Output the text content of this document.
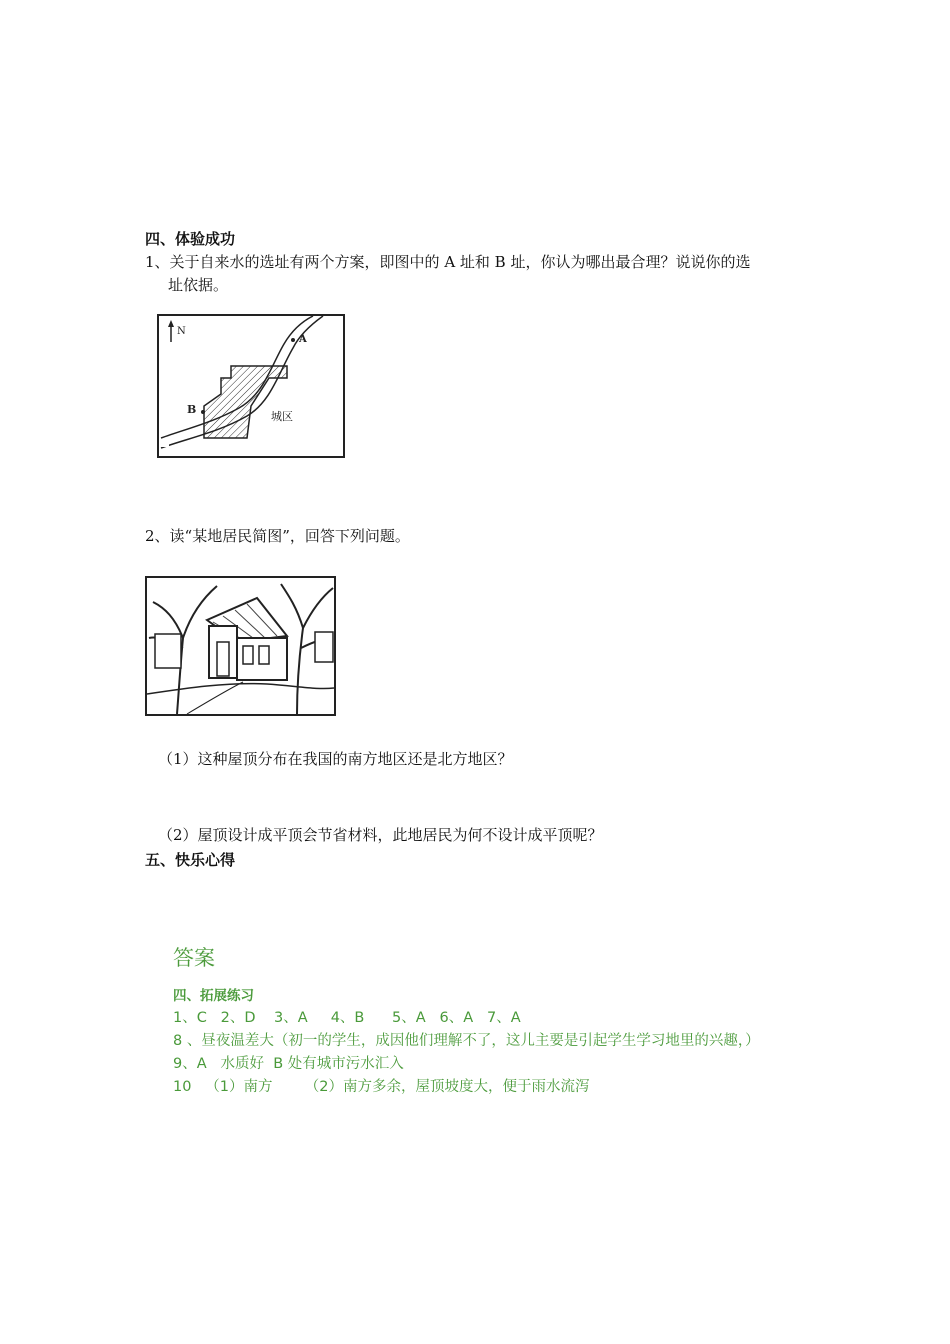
四、体验成功
1、关于自来水的选址有两个方案，即图中的 A 址和 B 址，你认为哪出最合理？说说你的选
址依据。
N
A
B
城区
2、读“某地居民简图”，回答下列问题。
（1）这种屋顶分布在我国的南方地区还是北方地区？
（2）屋顶设计成平顶会节省材料，此地居民为何不设计成平顶呢？
五、快乐心得
答案
四、拓展练习
1、C   2、D    3、A     4、B      5、A   6、A   7、A
8 、昼夜温差大（初一的学生，成因他们理解不了，这儿主要是引起学生学习地里的兴趣，）
9、A   水质好  B 处有城市污水汇入
10   （1）南方       （2）南方多余，屋顶坡度大，便于雨水流泻
